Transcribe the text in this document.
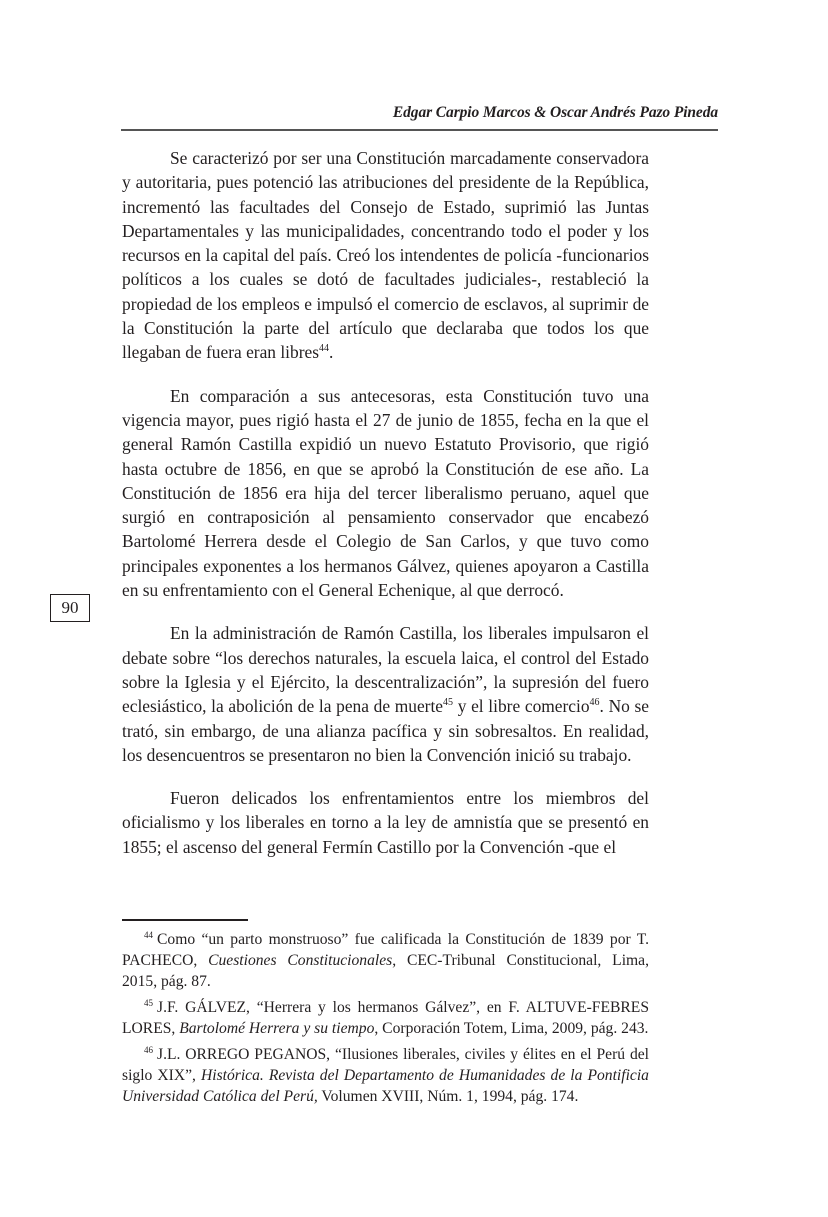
Edgar Carpio Marcos & Oscar Andrés Pazo Pineda

Se caracterizó por ser una Constitución marcadamente conservadora y autoritaria, pues potenció las atribuciones del presidente de la República, incrementó las facultades del Consejo de Estado, suprimió las Juntas Departamentales y las municipalidades, concentrando todo el poder y los recursos en la capital del país. Creó los intendentes de policía -funcionarios políticos a los cuales se dotó de facultades judiciales-, restableció la propiedad de los empleos e impulsó el comercio de esclavos, al suprimir de la Constitución la parte del artículo que declaraba que todos los que llegaban de fuera eran libres$^{44}$.

En comparación a sus antecesoras, esta Constitución tuvo una vigencia mayor, pues rigió hasta el 27 de junio de 1855, fecha en la que el general Ramón Castilla expidió un nuevo Estatuto Provisorio, que rigió hasta octubre de 1856, en que se aprobó la Constitución de ese año. La Constitución de 1856 era hija del tercer liberalismo peruano, aquel que surgió en contraposición al pensamiento conservador que encabezó Bartolomé Herrera desde el Colegio de San Carlos, y que tuvo como principales exponentes a los hermanos Gálvez, quienes apoyaron a Castilla en su enfrentamiento con el General Echenique, al que derrocó.

En la administración de Ramón Castilla, los liberales impulsaron el debate sobre “los derechos naturales, la escuela laica, el control del Estado sobre la Iglesia y el Ejército, la descentralización”, la supresión del fuero eclesiástico, la abolición de la pena de muerte$^{45}$ y el libre comercio$^{46}$. No se trató, sin embargo, de una alianza pacífica y sin sobresaltos. En realidad, los desencuentros se presentaron no bien la Convención inició su trabajo.

Fueron delicados los enfrentamientos entre los miembros del oficialismo y los liberales en torno a la ley de amnistía que se presentó en 1855; el ascenso del general Fermín Castillo por la Convención -que el

90

$^{44}$ Como “un parto monstruoso” fue calificada la Constitución de 1839 por T. PACHECO, Cuestiones Constitucionales, CEC-Tribunal Constitucional, Lima, 2015, pág. 87.

$^{45}$ J.F. GÁLVEZ, “Herrera y los hermanos Gálvez”, en F. ALTUVE-FEBRES LORES, Bartolomé Herrera y su tiempo, Corporación Totem, Lima, 2009, pág. 243.

$^{46}$ J.L. ORREGO PEGANOS, “Ilusiones liberales, civiles y élites en el Perú del siglo XIX”, Histórica. Revista del Departamento de Humanidades de la Pontificia Universidad Católica del Perú, Volumen XVIII, Núm. 1, 1994, pág. 174.
